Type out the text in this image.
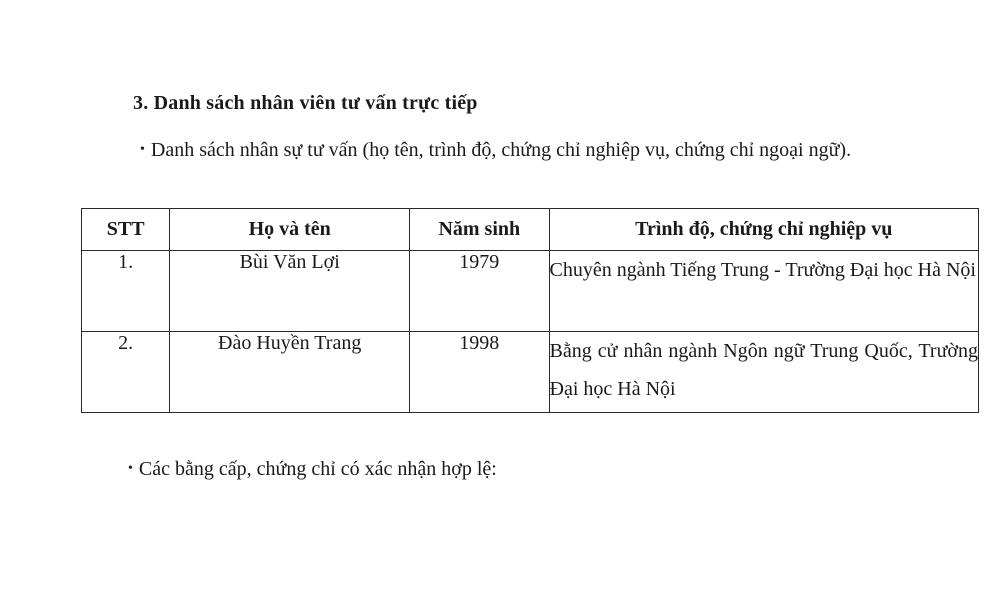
3. Danh sách nhân viên tư vấn trực tiếp
• Danh sách nhân sự tư vấn (họ tên, trình độ, chứng chỉ nghiệp vụ, chứng chỉ ngoại ngữ).
STT	Họ và tên	Năm sinh	Trình độ, chứng chỉ nghiệp vụ
1.	Bùi Văn Lợi	1979	Chuyên ngành Tiếng Trung - Trường Đại học Hà Nội
2.	Đào Huyền Trang	1998	Bằng cử nhân ngành Ngôn ngữ Trung Quốc, Trường Đại học Hà Nội
• Các bằng cấp, chứng chỉ có xác nhận hợp lệ:
